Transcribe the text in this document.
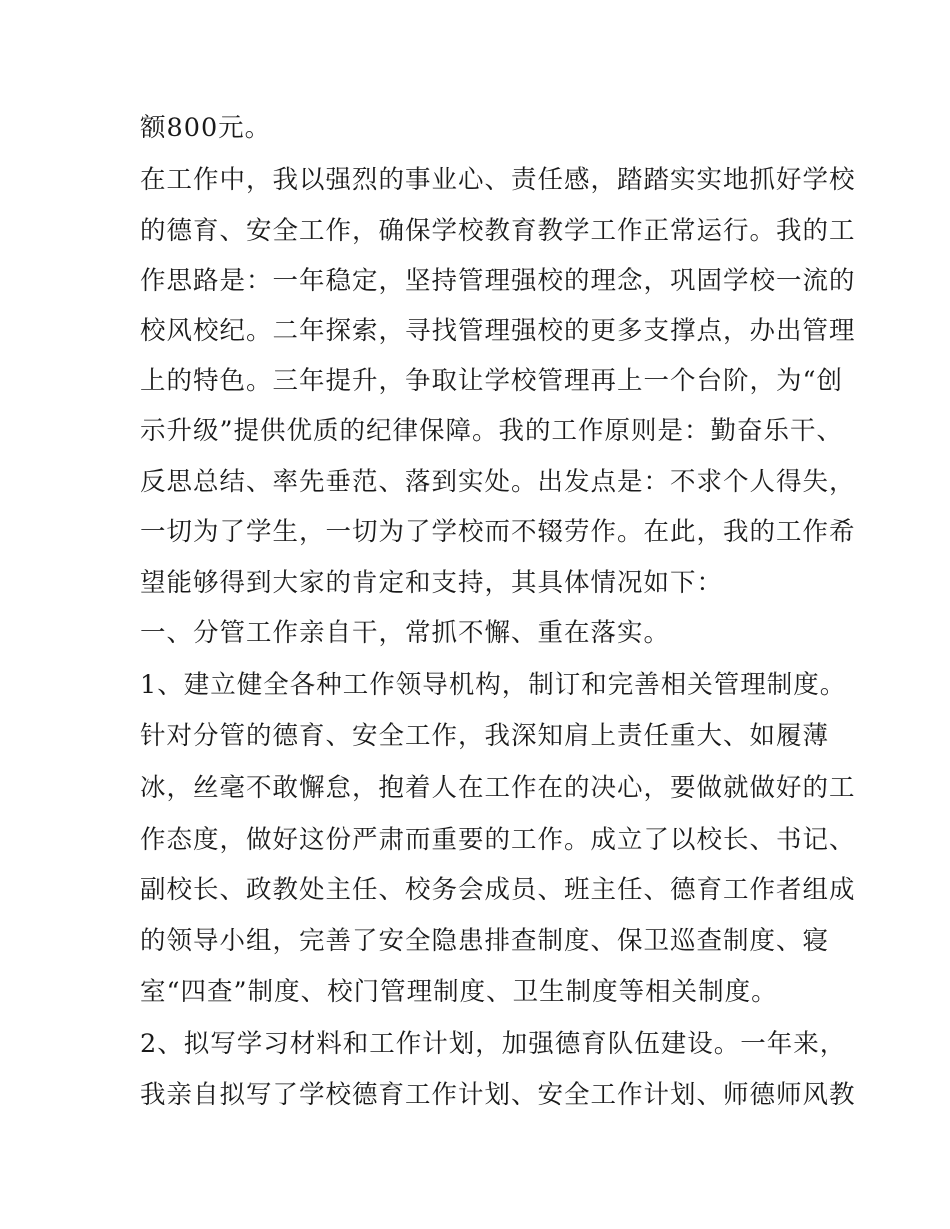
额800元。
在工作中，我以强烈的事业心、责任感，踏踏实实地抓好学校
的德育、安全工作，确保学校教育教学工作正常运行。我的工
作思路是：一年稳定，坚持管理强校的理念，巩固学校一流的
校风校纪。二年探索，寻找管理强校的更多支撑点，办出管理
上的特色。三年提升，争取让学校管理再上一个台阶，为“创
示升级”提供优质的纪律保障。我的工作原则是：勤奋乐干、
反思总结、率先垂范、落到实处。出发点是：不求个人得失，
一切为了学生，一切为了学校而不辍劳作。在此，我的工作希
望能够得到大家的肯定和支持，其具体情况如下：
一、分管工作亲自干，常抓不懈、重在落实。
1、建立健全各种工作领导机构，制订和完善相关管理制度。
针对分管的德育、安全工作，我深知肩上责任重大、如履薄
冰，丝毫不敢懈怠，抱着人在工作在的决心，要做就做好的工
作态度，做好这份严肃而重要的工作。成立了以校长、书记、
副校长、政教处主任、校务会成员、班主任、德育工作者组成
的领导小组，完善了安全隐患排查制度、保卫巡查制度、寝
室“四查”制度、校门管理制度、卫生制度等相关制度。
2、拟写学习材料和工作计划，加强德育队伍建设。一年来，
我亲自拟写了学校德育工作计划、安全工作计划、师德师风教
